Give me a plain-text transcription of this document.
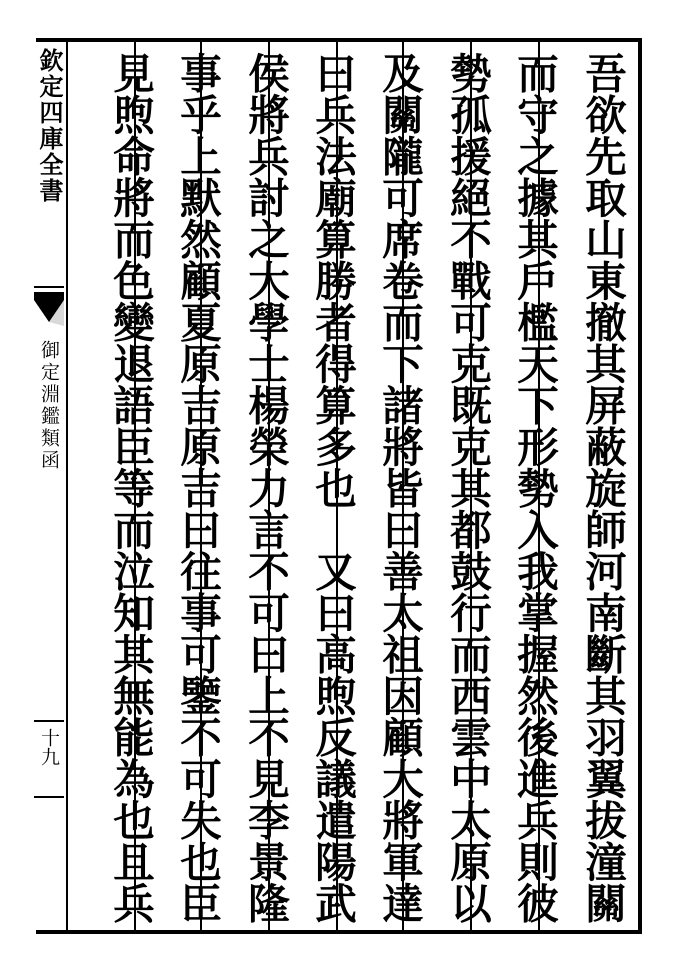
欽定四庫全書
御定淵鑑類函
十九	吾欲先取山東撤其屏蔽旋師河南斷其羽翼拔潼關
而守之據其戶檻天下形勢入我掌握然後進兵則彼
勢孤援絕不戰可克既克其都鼓行而西雲中太原以
及關隴可席卷而下諸將皆曰善太祖因顧大將軍達
曰兵法廟算勝者得算多也　又曰高煦反議遣陽武
侯將兵討之大學士楊榮力言不可曰上不見李景隆
事乎上默然顧夏原吉原吉曰往事可鑒不可失也臣
見煦命將而色變退語臣等而泣知其無能為也且兵
